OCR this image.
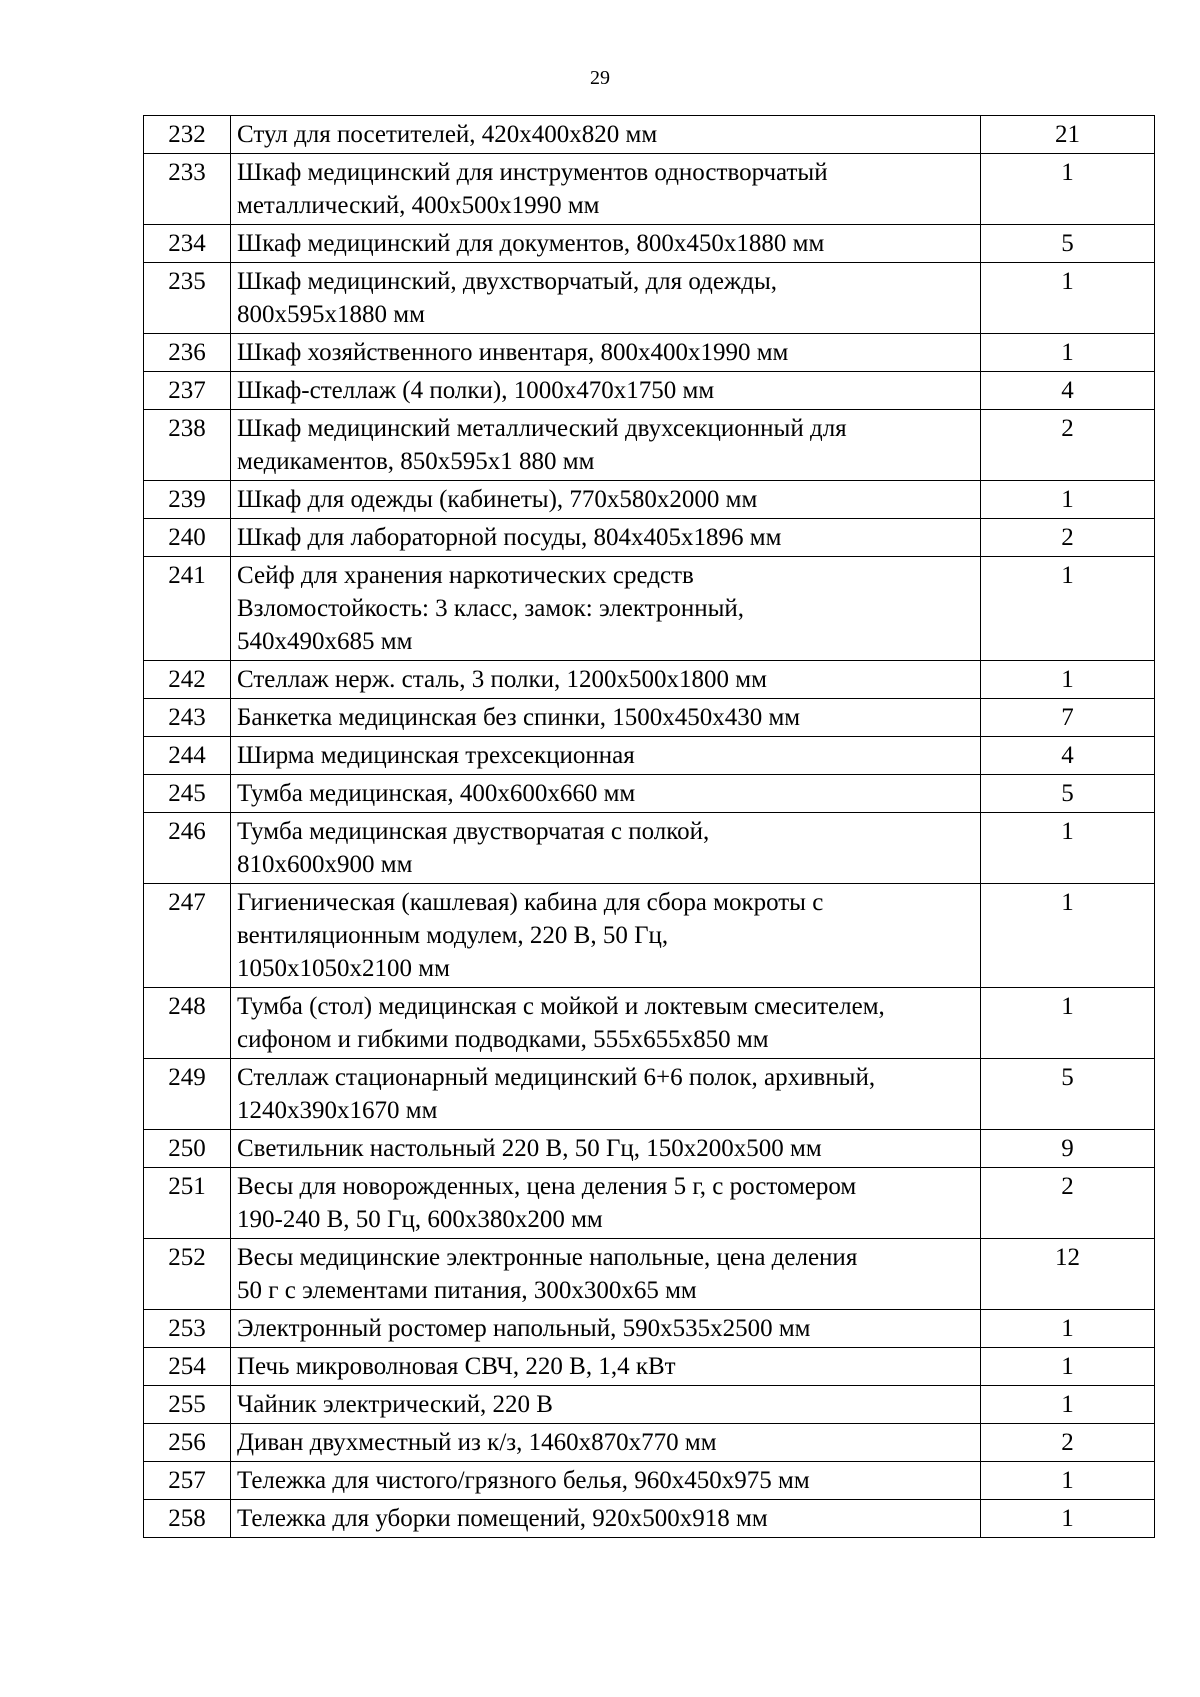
29
232	Стул для посетителей, 420х400х820 мм	21
233	Шкаф медицинский для инструментов одностворчатый
металлический, 400х500х1990 мм	1
234	Шкаф медицинский для документов, 800х450х1880 мм	5
235	Шкаф медицинский, двухстворчатый, для одежды,
800х595х1880 мм	1
236	Шкаф хозяйственного инвентаря, 800х400х1990 мм	1
237	Шкаф-стеллаж (4 полки), 1000х470х1750 мм	4
238	Шкаф медицинский металлический двухсекционный для
медикаментов, 850х595х1 880 мм	2
239	Шкаф для одежды (кабинеты), 770х580х2000 мм	1
240	Шкаф для лабораторной посуды, 804х405х1896 мм	2
241	Сейф для хранения наркотических средств
Взломостойкость: 3 класс, замок: электронный,
540х490х685 мм	1
242	Стеллаж нерж. сталь, 3 полки, 1200х500х1800 мм	1
243	Банкетка медицинская без спинки, 1500х450х430 мм	7
244	Ширма медицинская трехсекционная	4
245	Тумба медицинская, 400х600х660 мм	5
246	Тумба медицинская двустворчатая с полкой,
810х600х900 мм	1
247	Гигиеническая (кашлевая) кабина для сбора мокроты с
вентиляционным модулем, 220 В, 50 Гц,
1050х1050х2100 мм	1
248	Тумба (стол) медицинская с мойкой и локтевым смесителем,
сифоном и гибкими подводками, 555х655х850 мм	1
249	Стеллаж стационарный медицинский 6+6 полок, архивный,
1240х390х1670 мм	5
250	Светильник настольный 220 В, 50 Гц, 150х200х500 мм	9
251	Весы для новорожденных, цена деления 5 г, с ростомером
190-240 В, 50 Гц, 600х380х200 мм	2
252	Весы медицинские электронные напольные, цена деления
50 г с элементами питания, 300х300х65 мм	12
253	Электронный ростомер напольный, 590х535х2500 мм	1
254	Печь микроволновая СВЧ, 220 В, 1,4 кВт	1
255	Чайник электрический, 220 В	1
256	Диван двухместный из к/з, 1460х870х770 мм	2
257	Тележка для чистого/грязного белья, 960х450х975 мм	1
258	Тележка для уборки помещений, 920х500х918 мм	1
